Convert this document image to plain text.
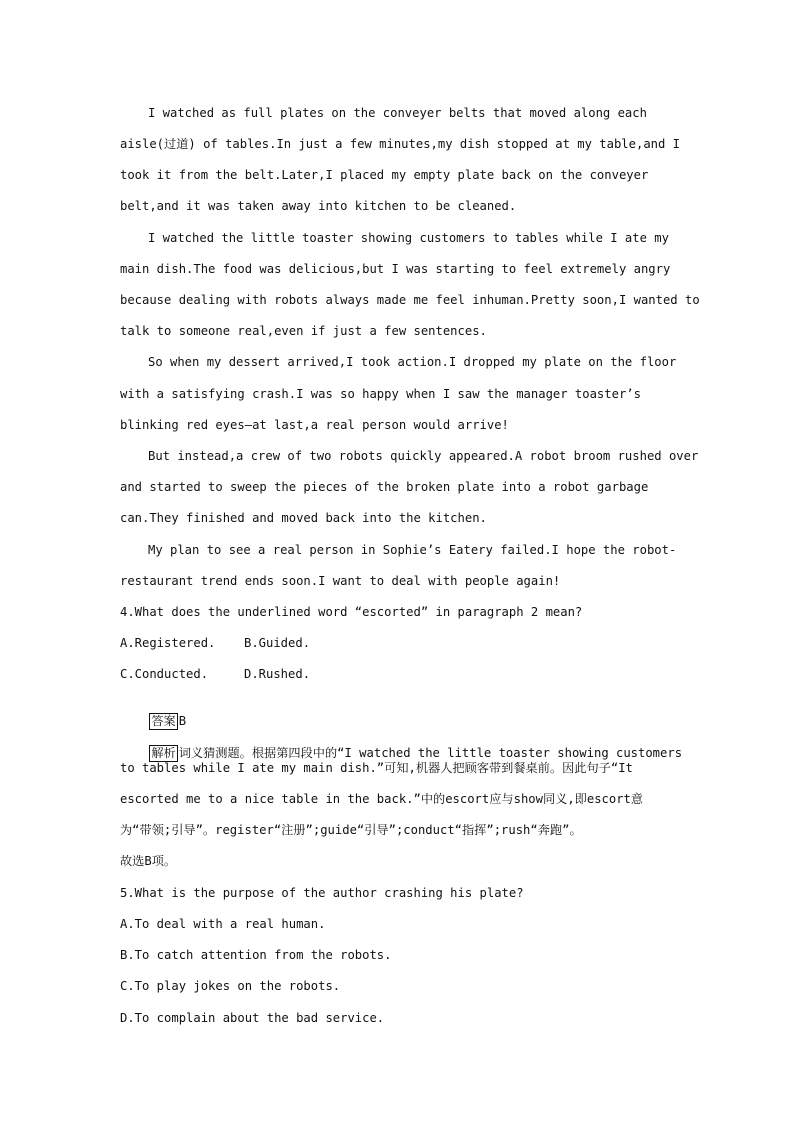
I watched as full plates on the conveyer belts that moved along each
aisle(过道) of tables.In just a few minutes,my dish stopped at my table,and I
took it from the belt.Later,I placed my empty plate back on the conveyer
belt,and it was taken away into kitchen to be cleaned.
I watched the little toaster showing customers to tables while I ate my
main dish.The food was delicious,but I was starting to feel extremely angry
because dealing with robots always made me feel inhuman.Pretty soon,I wanted to
talk to someone real,even if just a few sentences.
So when my dessert arrived,I took action.I dropped my plate on the floor
with a satisfying crash.I was so happy when I saw the manager toaster’s
blinking red eyes—at last,a real person would arrive!
But instead,a crew of two robots quickly appeared.A robot broom rushed over
and started to sweep the pieces of the broken plate into a robot garbage
can.They finished and moved back into the kitchen.
My plan to see a real person in Sophie’s Eatery failed.I hope the robot-
restaurant trend ends soon.I want to deal with people again!
4.What does the underlined word “escorted” in paragraph 2 mean?
A.Registered. B.Guided.
C.Conducted.	D.Rushed.

答案 B

解析 词义猜测题。根据第四段中的“I watched the little toaster showing customers

to tables while I ate my main dish.”可知,机器人把顾客带到餐桌前。因此句子“It
escorted me to a nice table in the back.”中的escort应与show同义,即escort意
为“带领;引导”。register“注册”;guide“引导”;conduct“指挥”;rush“奔跑”。
故选B项。
5.What is the purpose of the author crashing his plate?
A.To deal with a real human.
B.To catch attention from the robots.
C.To play jokes on the robots.
D.To complain about the bad service.
